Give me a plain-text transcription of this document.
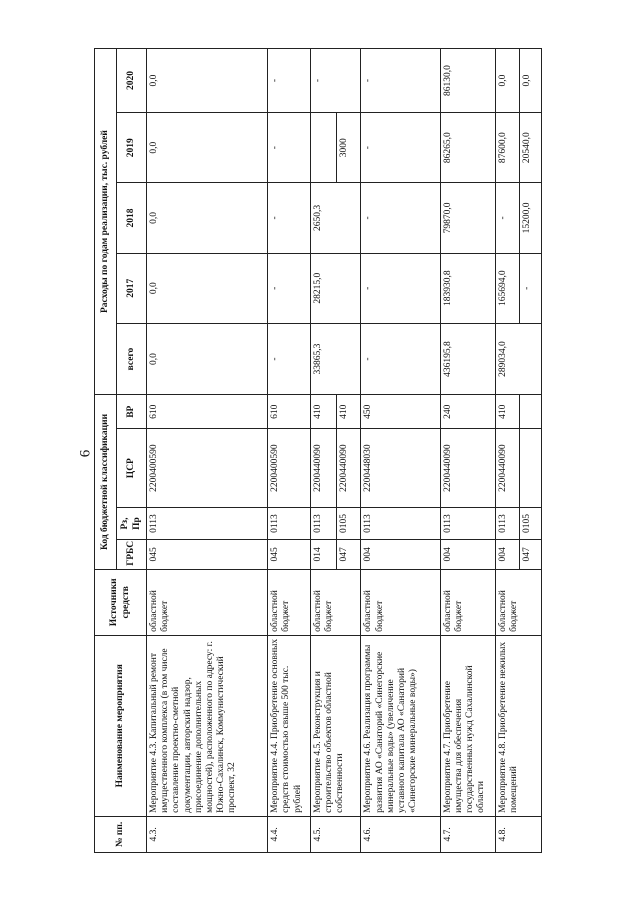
6
№ пп.	Наименование мероприятия	Источники средств	Код бюджетной классификации				Расходы по годам реализации, тыс. рублей				
			ГРБС	Рз, Пр	ЦСР	ВР	всего	2017	2018	2019	2020
4.3.	Мероприятие 4.3. Капитальный ремонт имущественного комплекса (в том числе составление проектно-сметной документации, авторский надзор, присоединение дополнительных мощностей), расположенного по адресу: г. Южно-Сахалинск, Коммунистический проспект, 32	областной бюджет	045	0113	2200400590	610	0,0	0,0	0,0	0,0	0,0
4.4.	Мероприятие 4.4. Приобретение основных средств стоимостью свыше 500 тыс. рублей	областной бюджет	045	0113	2200400590	610	-	-	-	-	-
4.5.	Мероприятие 4.5. Реконструкция и строительство объектов областной собственности	областной бюджет	014	0113	2200440090	410	33865,3	28215,0	2650,3		-
			047	0105	2200440090	410				3000	
4.6.	Мероприятие 4.6. Реализация программы развития АО «Санаторий «Синегорские минеральные воды» (увеличение уставного капитала АО «Санаторий «Синегорские минеральные воды»)	областной бюджет	004	0113	2200448030	450	-	-	-	-	-
4.7.	Мероприятие 4.7. Приобретение имущества для обеспечения государственных нужд Сахалинской области	областной бюджет	004	0113	2200440090	240	436195,8	183930,8	79870,0	86265,0	86130,0
4.8.	Мероприятие 4.8. Приобретение нежилых помещений	областной бюджет	004	0113	2200440090	410	289034,0	165694,0	-	87600,0	0,0
			047	0105				-	15200,0	20540,0	0,0
